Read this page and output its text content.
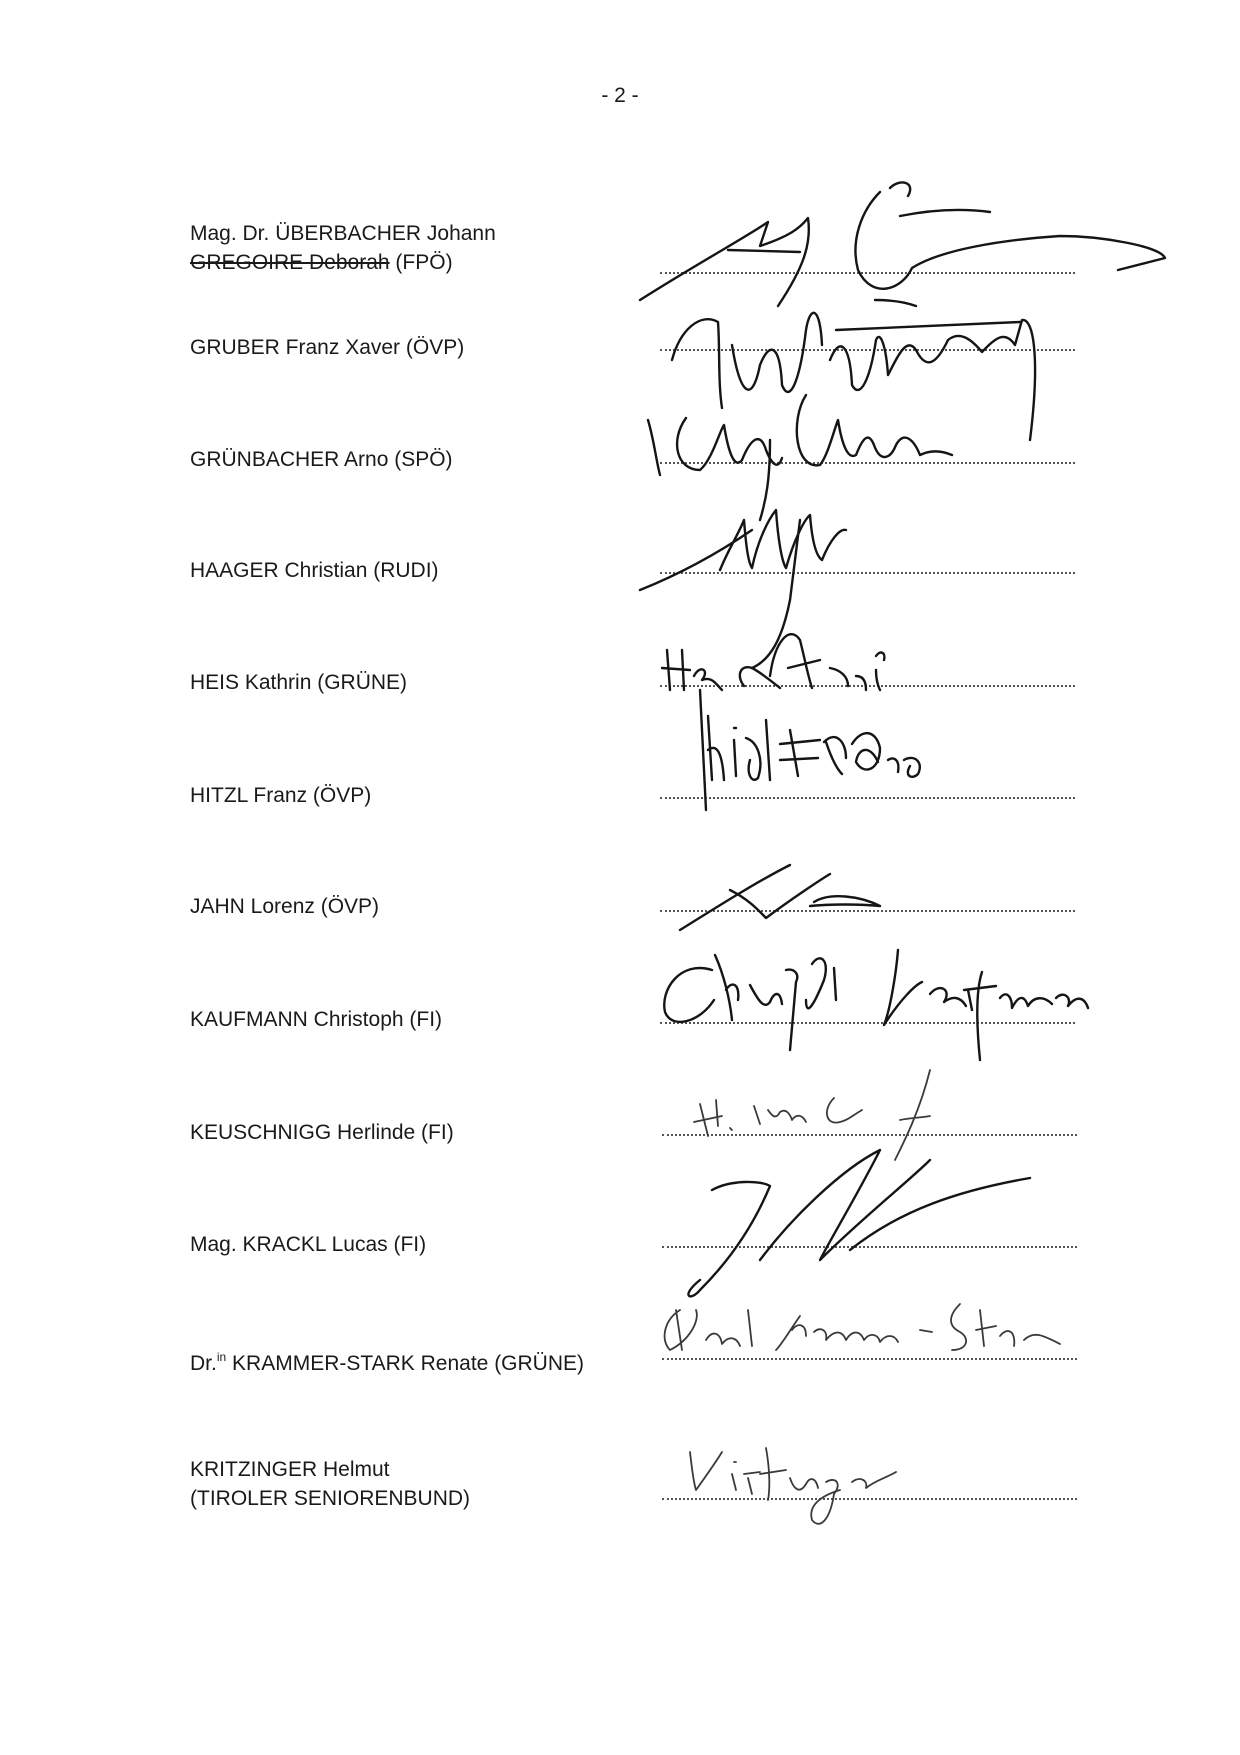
- 2 -
Mag. Dr. ÜBERBACHER Johann
GREGOIRE Deborah (FPÖ)
GRUBER Franz Xaver (ÖVP)
GRÜNBACHER Arno (SPÖ)
HAAGER Christian (RUDI)
HEIS Kathrin (GRÜNE)
HITZL Franz (ÖVP)
JAHN Lorenz (ÖVP)
KAUFMANN Christoph (FI)
KEUSCHNIGG Herlinde (FI)
Mag. KRACKL Lucas (FI)
Dr.$^{in}$ KRAMMER-STARK Renate (GRÜNE)
KRITZINGER Helmut
(TIROLER SENIORENBUND)
